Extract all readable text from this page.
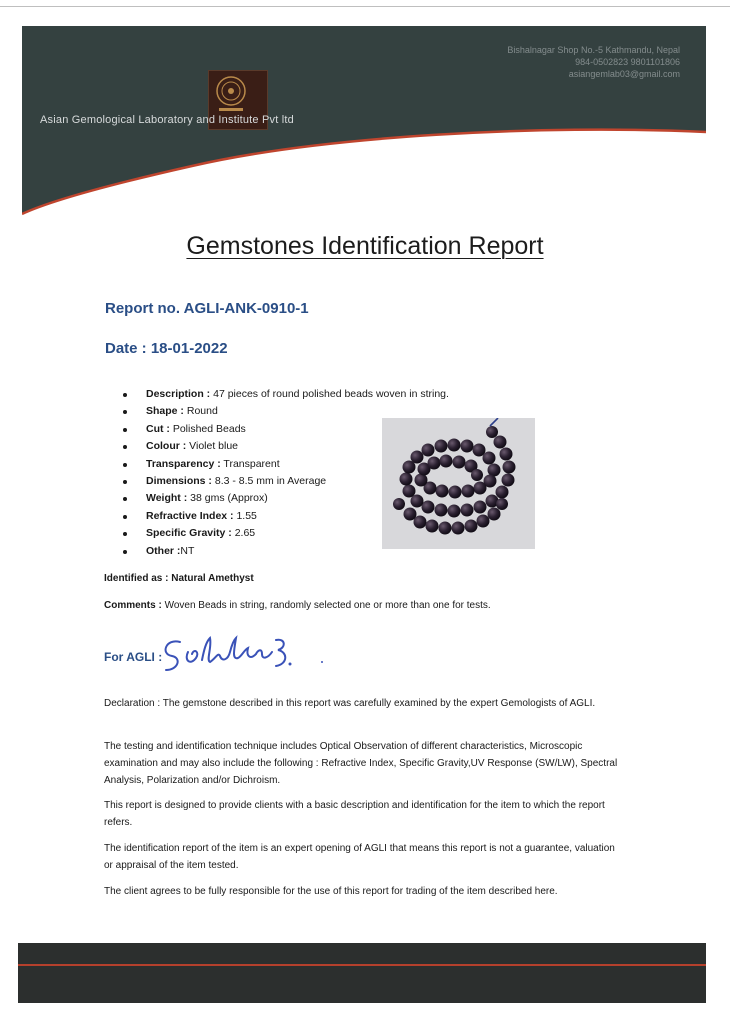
Bishalnagar Shop No.-5 Kathmandu, Nepal
984-0502823 9801101806
asiangemlab03@gmail.com
Asian Gemological Laboratory and Institute Pvt ltd
Gemstones Identification Report
Report no. AGLI-ANK-0910-1
Date : 18-01-2022
Description : 47 pieces of round polished beads woven in string.
Shape : Round
Cut : Polished Beads
Colour : Violet blue
Transparency : Transparent
Dimensions : 8.3 - 8.5 mm in Average
Weight : 38 gms (Approx)
Refractive Index : 1.55
Specific Gravity : 2.65
Other :NT
Identified as : Natural Amethyst
Comments : Woven Beads in string, randomly selected one or more than one for tests.
For AGLI :
Declaration : The gemstone described in this report was carefully examined by the expert Gemologists of AGLI.
The testing and identification technique includes Optical Observation of different characteristics, Microscopic examination and may also include the following : Refractive Index, Specific Gravity,UV Response (SW/LW), Spectral Analysis, Polarization and/or Dichroism.
This report is designed to provide clients with a basic description and identification for the item to which the report refers.
The identification report of the item is an expert opening of AGLI that means this report is not a guarantee, valuation or appraisal of the item tested.
The client agrees to be fully responsible for the use of this report for trading of the item described here.
